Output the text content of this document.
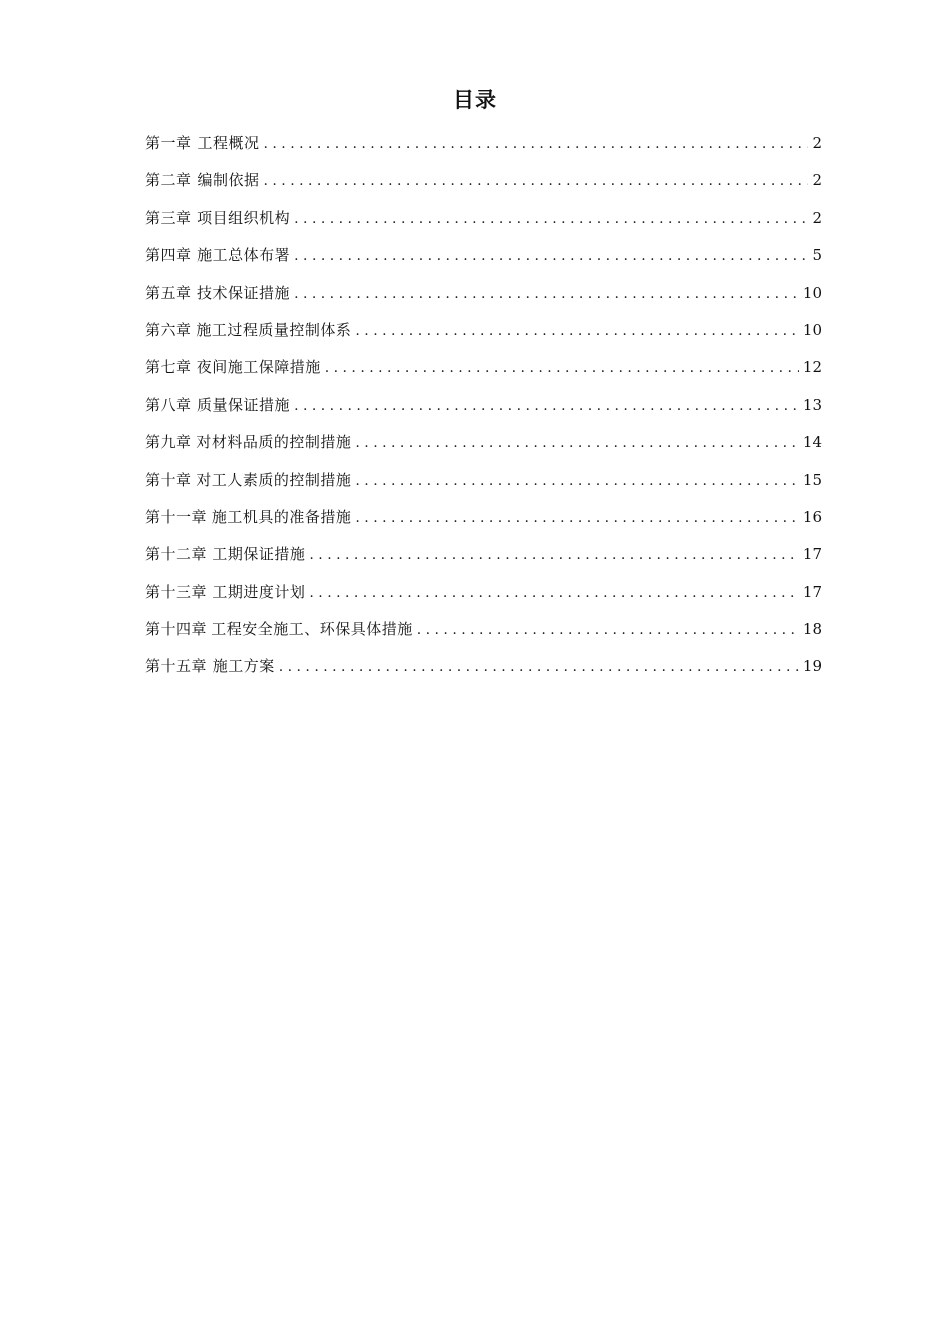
目录
第一章 工程概况 . . .	2
第二章 编制依据 . . .	2
第三章 项目组织机构 . . .	2
第四章 施工总体布署 . . .	5
第五章 技术保证措施 . . .	10
第六章 施工过程质量控制体系 . . .	10
第七章 夜间施工保障措施 . . .	12
第八章 质量保证措施 . . .	13
第九章 对材料品质的控制措施 . . .	14
第十章 对工人素质的控制措施 . . .	15
第十一章 施工机具的准备措施 . . .	16
第十二章 工期保证措施 . . .	17
第十三章 工期进度计划 . . .	17
第十四章 工程安全施工、环保具体措施 . . .	18
第十五章 施工方案 . . .	19
